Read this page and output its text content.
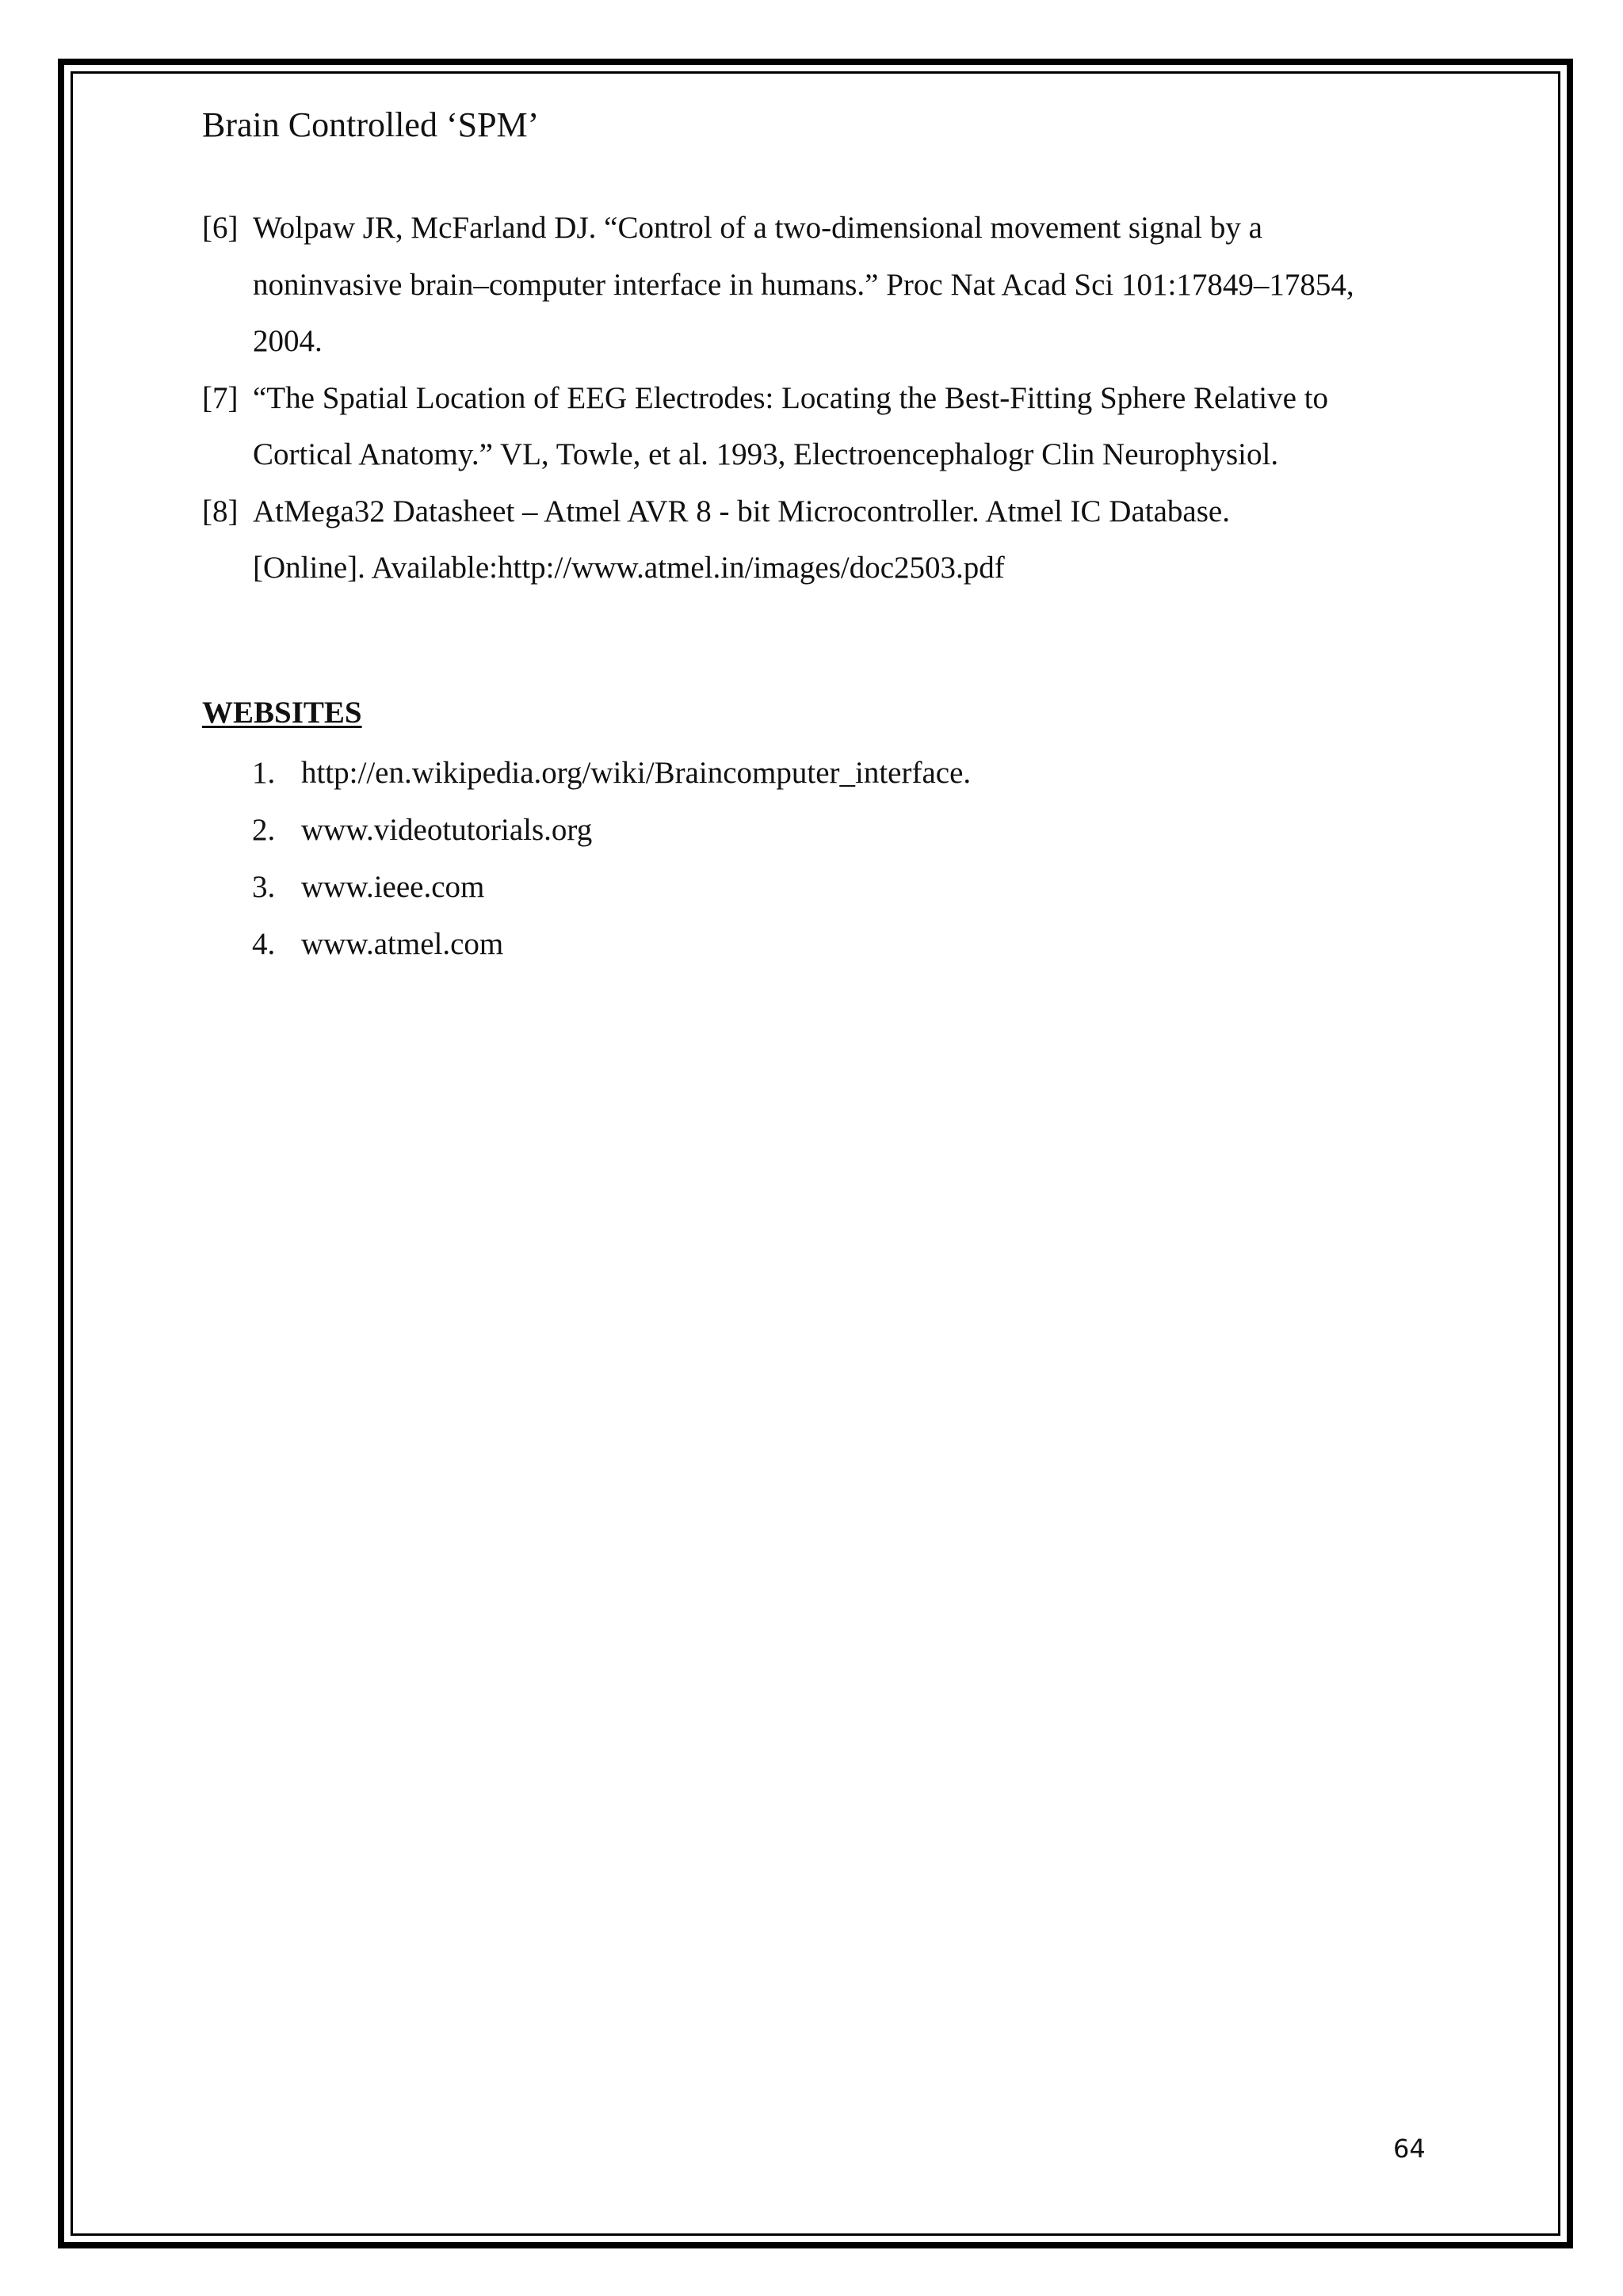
Brain Controlled ‘SPM’
[6] Wolpaw JR, McFarland DJ. “Control of a two-dimensional movement signal by a
noninvasive brain–computer interface in humans.” Proc Nat Acad Sci 101:17849–17854,
2004.
[7] “The Spatial Location of EEG Electrodes: Locating the Best-Fitting Sphere Relative to
Cortical Anatomy.” VL, Towle, et al. 1993, Electroencephalogr Clin Neurophysiol.
[8] AtMega32 Datasheet – Atmel AVR 8 - bit Microcontroller. Atmel IC Database.
[Online]. Available:http://www.atmel.in/images/doc2503.pdf
WEBSITES
1. http://en.wikipedia.org/wiki/Braincomputer_interface.
2. www.videotutorials.org
3. www.ieee.com
4. www.atmel.com
64
